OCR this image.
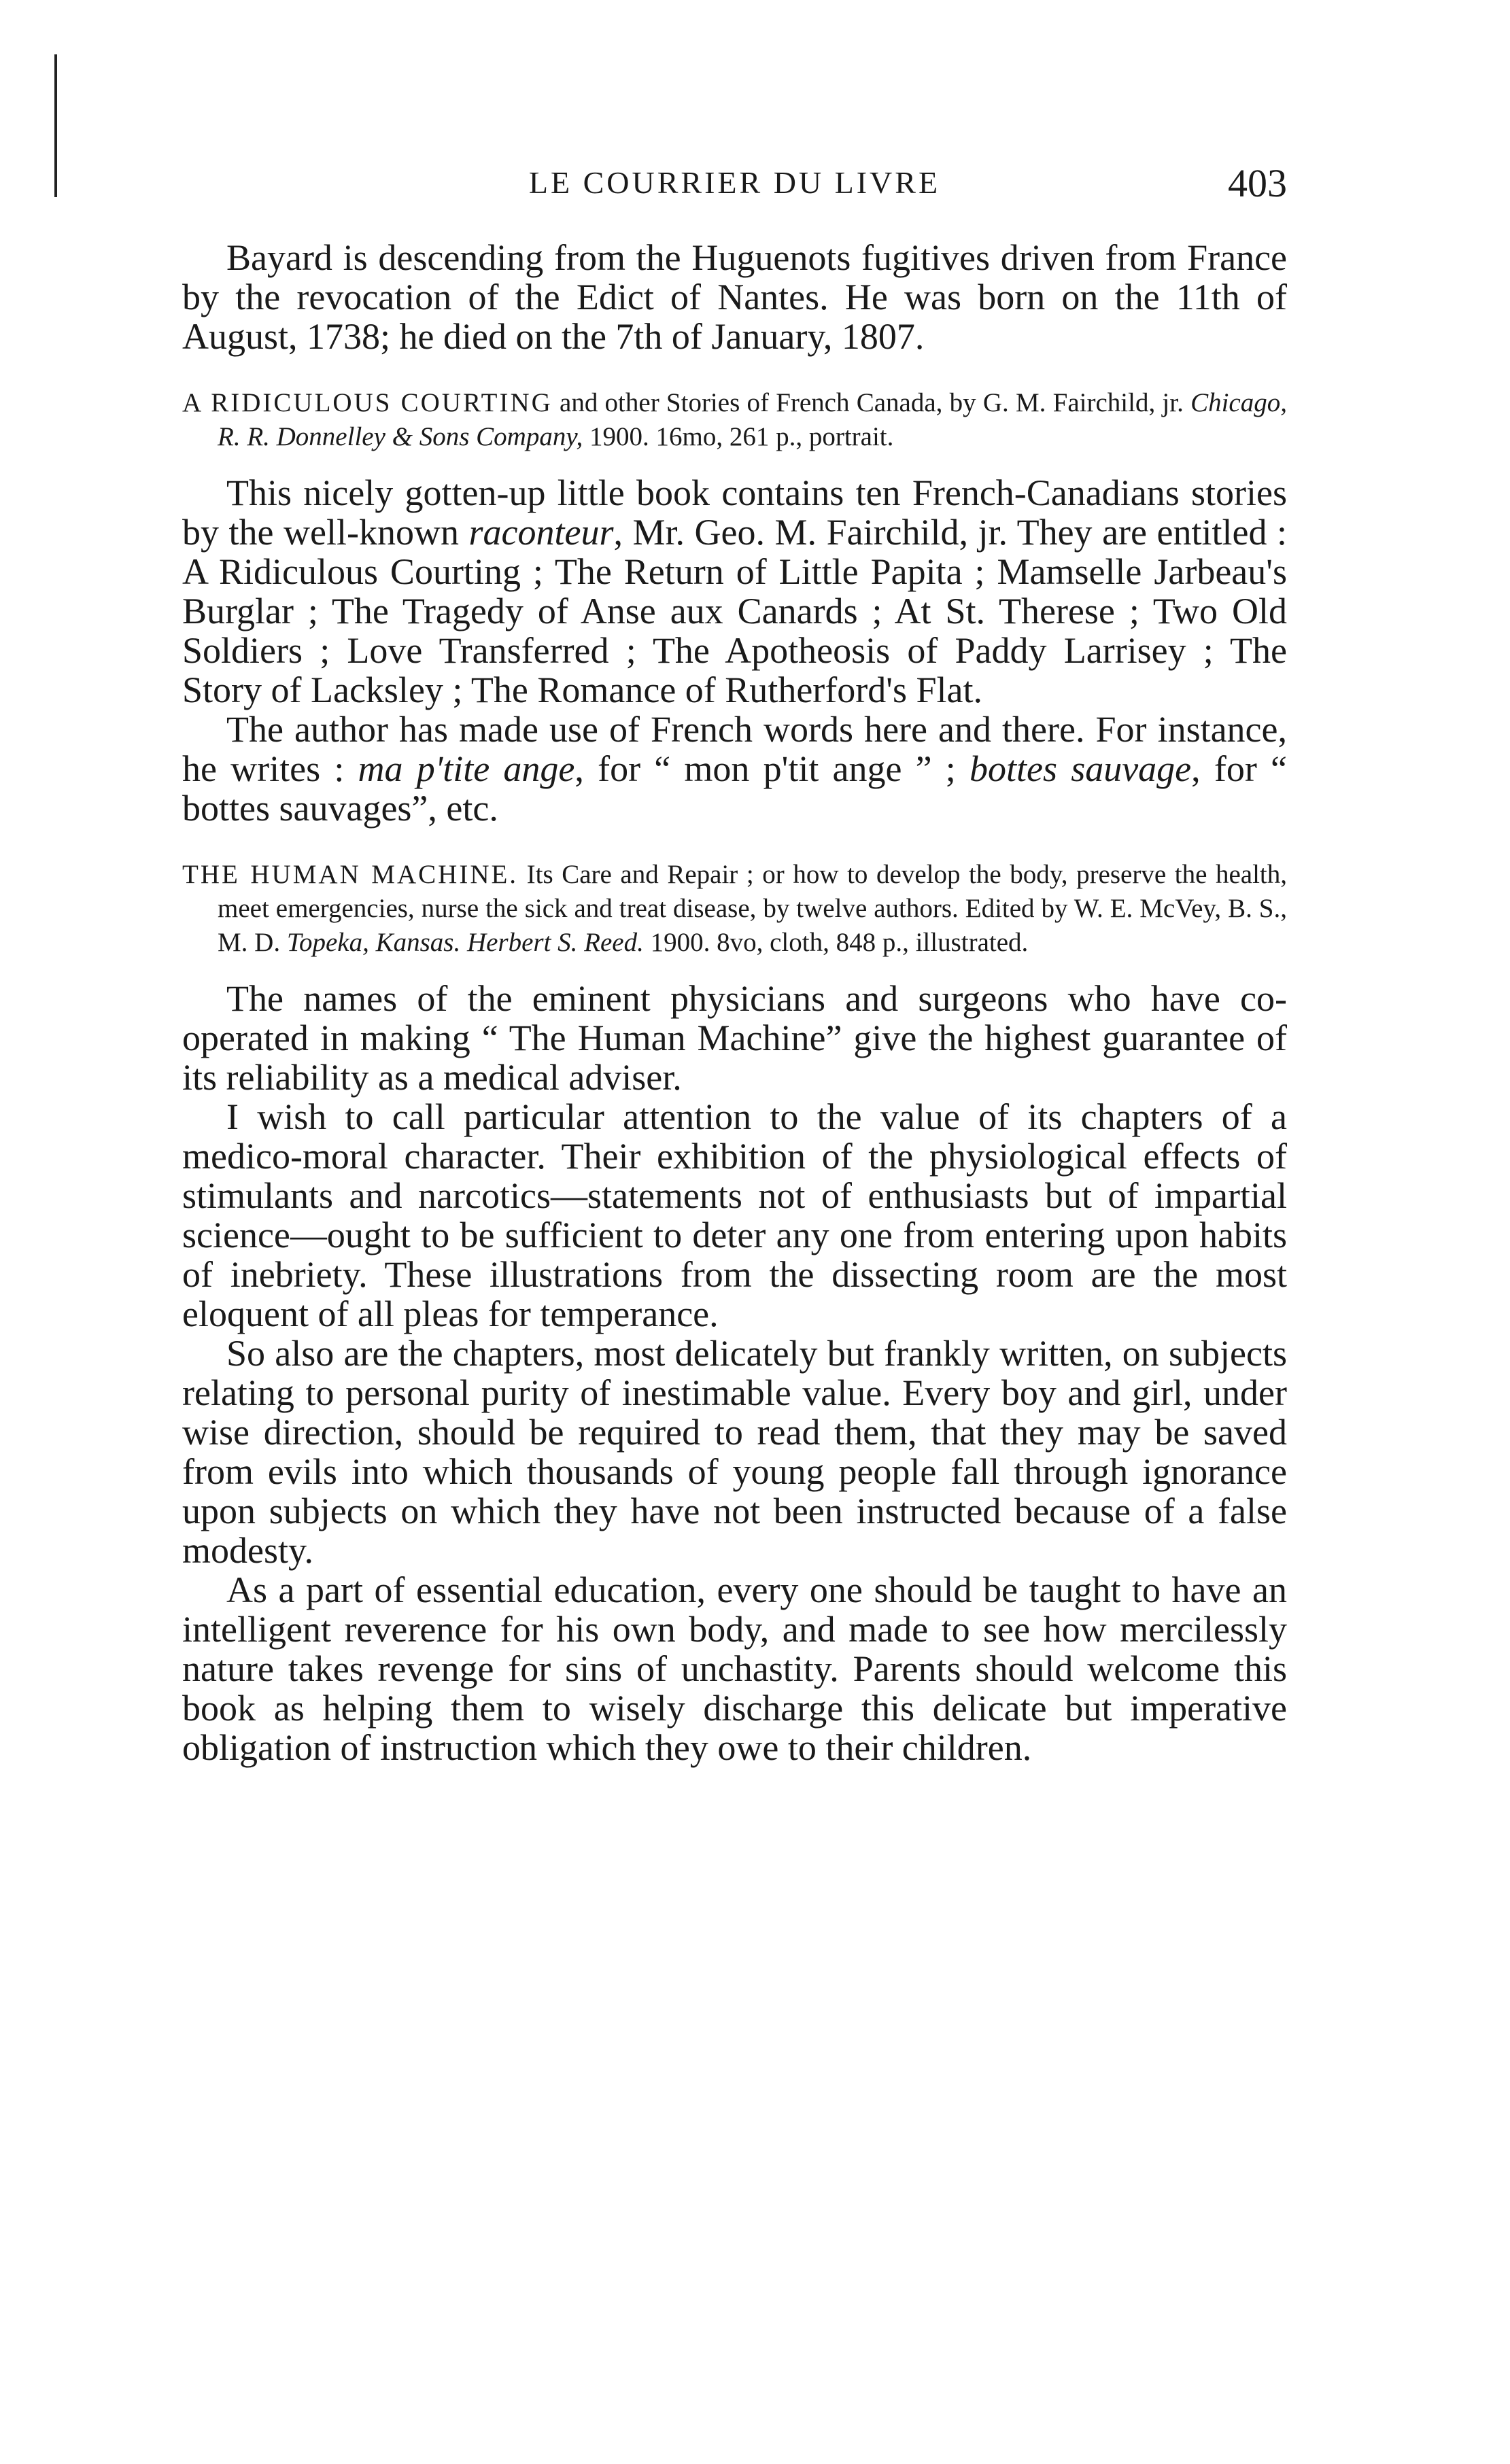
LE COURRIER DU LIVRE	403

Bayard is descending from the Huguenots fugitives driven from France by the revocation of the Edict of Nantes. He was born on the 11th of August, 1738; he died on the 7th of January, 1807.

A RIDICULOUS COURTING and other Stories of French Canada, by G. M. Fairchild, jr. Chicago, R. R. Donnelley & Sons Company, 1900. 16mo, 261 p., portrait.

This nicely gotten-up little book contains ten French-Canadians stories by the well-known raconteur, Mr. Geo. M. Fairchild, jr. They are entitled : A Ridiculous Courting ; The Return of Little Papita ; Mamselle Jarbeau's Burglar ; The Tragedy of Anse aux Canards ; At St. Therese ; Two Old Soldiers ; Love Transferred ; The Apotheosis of Paddy Larrisey ; The Story of Lacksley ; The Romance of Rutherford's Flat.

The author has made use of French words here and there. For instance, he writes : ma p'tite ange, for “ mon p'tit ange ” ; bottes sauvage, for “ bottes sauvages”, etc.

THE HUMAN MACHINE. Its Care and Repair ; or how to develop the body, preserve the health, meet emergencies, nurse the sick and treat disease, by twelve authors. Edited by W. E. McVey, B. S., M. D. Topeka, Kansas. Herbert S. Reed. 1900. 8vo, cloth, 848 p., illustrated.

The names of the eminent physicians and surgeons who have co-operated in making “ The Human Machine” give the highest guarantee of its reliability as a medical adviser.

I wish to call particular attention to the value of its chapters of a medico-moral character. Their exhibition of the physiological effects of stimulants and narcotics—statements not of enthusiasts but of impartial science—ought to be sufficient to deter any one from entering upon habits of inebriety. These illustrations from the dissecting room are the most eloquent of all pleas for temperance.

So also are the chapters, most delicately but frankly written, on subjects relating to personal purity of inestimable value. Every boy and girl, under wise direction, should be required to read them, that they may be saved from evils into which thousands of young people fall through ignorance upon subjects on which they have not been instructed because of a false modesty.

As a part of essential education, every one should be taught to have an intelligent reverence for his own body, and made to see how mercilessly nature takes revenge for sins of unchastity. Parents should welcome this book as helping them to wisely discharge this delicate but imperative obligation of instruction which they owe to their children.
